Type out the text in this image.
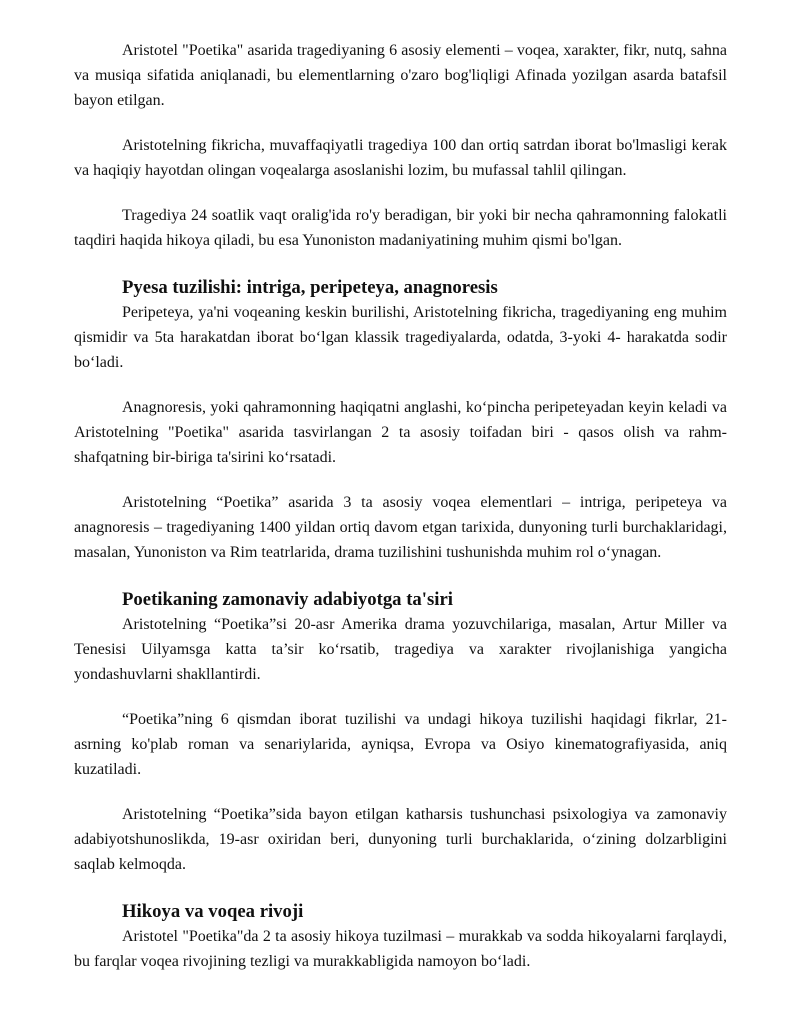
Aristotel "Poetika" asarida tragediyaning 6 asosiy elementi – voqea, xarakter, fikr, nutq, sahna va musiqa sifatida aniqlanadi, bu elementlarning o'zaro bog'liqligi Afinada yozilgan asarda batafsil bayon etilgan.

Aristotelning fikricha, muvaffaqiyatli tragediya 100 dan ortiq satrdan iborat bo'lmasligi kerak va haqiqiy hayotdan olingan voqealarga asoslanishi lozim, bu mufassal tahlil qilingan.

Tragediya 24 soatlik vaqt oralig'ida ro'y beradigan, bir yoki bir necha qahramonning falokatli taqdiri haqida hikoya qiladi, bu esa Yunoniston madaniyatining muhim qismi bo'lgan.

Pyesa tuzilishi: intriga, peripeteya, anagnoresis

Peripeteya, ya'ni voqeaning keskin burilishi, Aristotelning fikricha, tragediyaning eng muhim qismidir va 5ta harakatdan iborat bo‘lgan klassik tragediyalarda, odatda, 3-yoki 4- harakatda sodir bo‘ladi.

Anagnoresis, yoki qahramonning haqiqatni anglashi, ko‘pincha peripeteyadan keyin keladi va Aristotelning "Poetika" asarida tasvirlangan 2 ta asosiy toifadan biri - qasos olish va rahm-shafqatning bir-biriga ta'sirini ko‘rsatadi.

Aristotelning “Poetika” asarida 3 ta asosiy voqea elementlari – intriga, peripeteya va anagnoresis – tragediyaning 1400 yildan ortiq davom etgan tarixida, dunyoning turli burchaklaridagi, masalan, Yunoniston va Rim teatrlarida, drama tuzilishini tushunishda muhim rol o‘ynagan.

Poetikaning zamonaviy adabiyotga ta'siri

Aristotelning “Poetika”si 20-asr Amerika drama yozuvchilariga, masalan, Artur Miller va Tenesisi Uilyamsga katta ta’sir ko‘rsatib, tragediya va xarakter rivojlanishiga yangicha yondashuvlarni shakllantirdi.

“Poetika”ning 6 qismdan iborat tuzilishi va undagi hikoya tuzilishi haqidagi fikrlar, 21-asrning ko'plab roman va senariylarida, ayniqsa, Evropa va Osiyo kinematografiyasida, aniq kuzatiladi.

Aristotelning “Poetika”sida bayon etilgan katharsis tushunchasi psixologiya va zamonaviy adabiyotshunoslikda, 19-asr oxiridan beri, dunyoning turli burchaklarida, o‘zining dolzarbligini saqlab kelmoqda.

Hikoya va voqea rivoji

Aristotel "Poetika"da 2 ta asosiy hikoya tuzilmasi – murakkab va sodda hikoyalarni farqlaydi, bu farqlar voqea rivojining tezligi va murakkabligida namoyon bo‘ladi.
